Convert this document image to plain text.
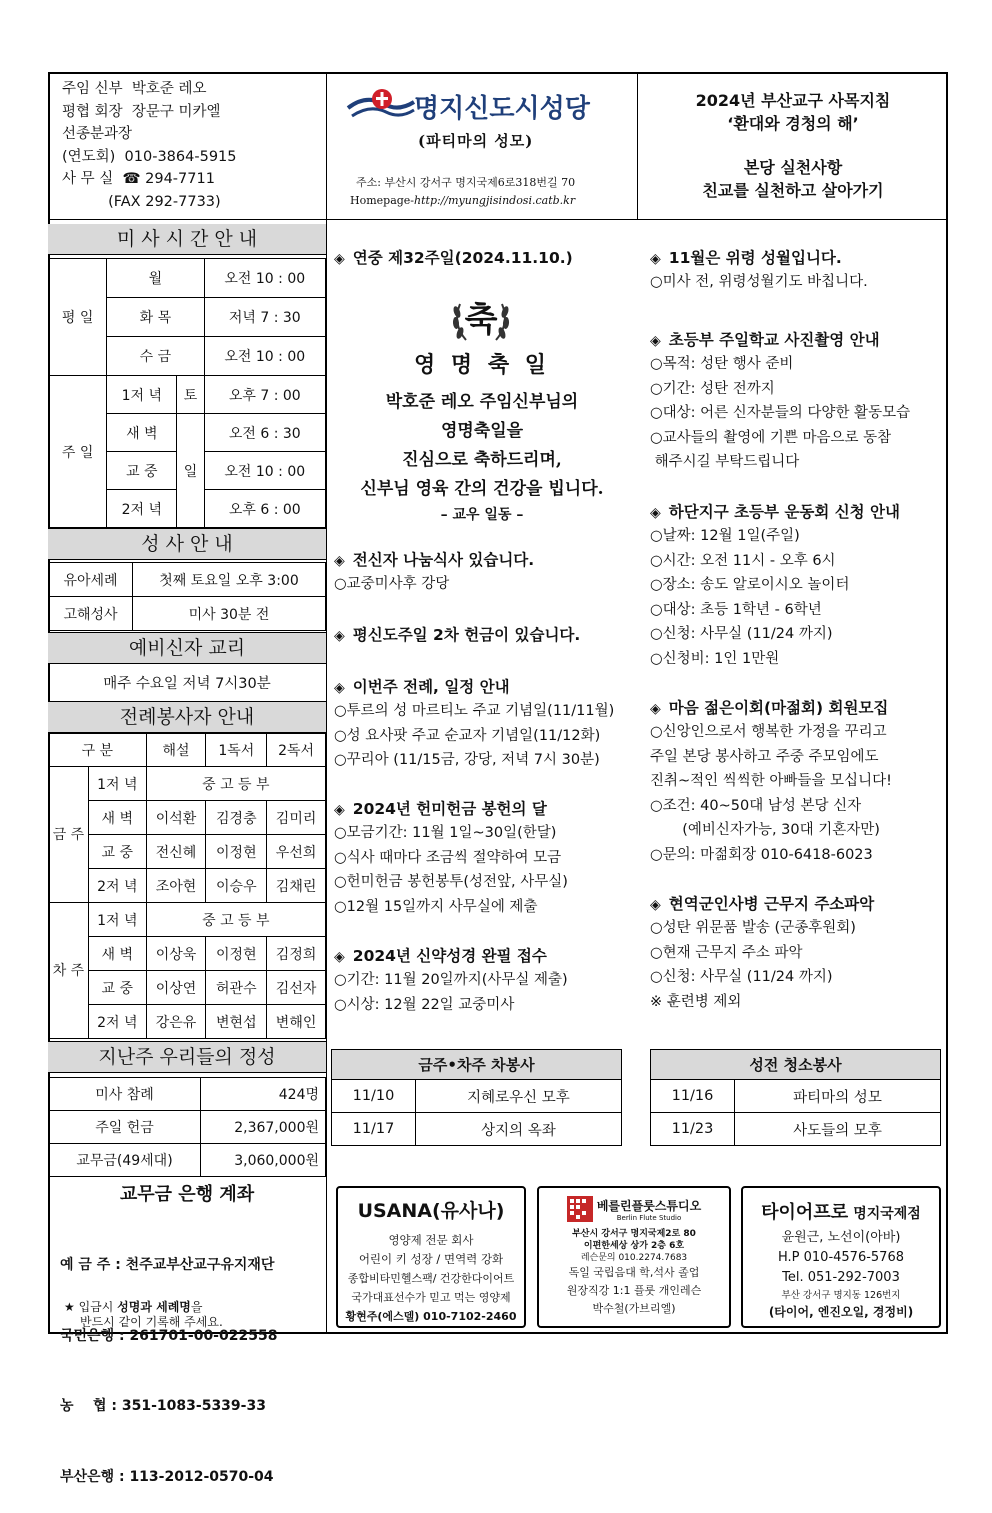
주임 신부  박호준 레오
평협 회장  장문구 미카엘
선종분과장
(연도회)  010-3864-5915
사 무 실  ☎ 294-7711
(FAX 292-7733)
명지신도시성당
(파티마의 성모)
주소: 부산시 강서구 명지국제6로318번길 70
Homepage-http://myungjisindosi.catb.kr
2024년 부산교구 사목지침
‘환대와 경청의 해’
본당 실천사항
친교를 실천하고 살아가기
미 사 시 간 안 내
평 일	월		오전 10 : 00
	화 목		저녁 7 : 30
	수 금		오전 10 : 00
주 일	1저 녁	토	오후 7 : 00
	새 벽	일	오전 6 : 30
	교 중		오전 10 : 00
	2저 녁		오후 6 : 00
성 사 안 내
유아세례	첫째 토요일 오후 3:00
고해성사	미사 30분 전
예비신자 교리
매주 수요일 저녁 7시30분
전례봉사자 안내
구 분		해설	1독서	2독서
금 주	1저 녁	중 고 등 부		
	새 벽	이석환	김경충	김미리
	교 중	전신혜	이정현	우선희
	2저 녁	조아현	이승우	김채린
차 주	1저 녁	중 고 등 부		
	새 벽	이상욱	이정현	김정희
	교 중	이상연	허관수	김선자
	2저 녁	강은유	변현섭	변해인
지난주 우리들의 정성
미사 참례	424명
주일 헌금	2,367,000원
교무금(49세대)	3,060,000원
교무금 은행 계좌

예 금 주 : 천주교부산교구유지재단

국민은행 : 261701-00-022558

농    협 : 351-1083-5339-33

부산은행 : 113-2012-0570-04

★ 입금시 성명과 세례명을
반드시 같이 기록해 주세요.
◈ 연중 제32주일(2024.11.10.)
축
영 명 축 일
박호준 레오 주임신부님의
영명축일을
진심으로 축하드리며,
신부님 영육 간의 건강을 빕니다.
– 교우 일동 –
◈ 전신자 나눔식사 있습니다.
○교중미사후 강당
◈ 평신도주일 2차 헌금이 있습니다.
◈ 이번주 전례, 일정 안내
○투르의 성 마르티노 주교 기념일(11/11월)
○성 요사팟 주교 순교자 기념일(11/12화)
○꾸리아 (11/15금, 강당, 저녁 7시 30분)
◈ 2024년 헌미헌금 봉헌의 달
○모금기간: 11월 1일~30일(한달)
○식사 때마다 조금씩 절약하여 모금
○헌미헌금 봉헌봉투(성전앞, 사무실)
○12월 15일까지 사무실에 제출
◈ 2024년 신약성경 완필 접수
○기간: 11월 20일까지(사무실 제출)
○시상: 12월 22일 교중미사
◈ 11월은 위령 성월입니다.
○미사 전, 위령성월기도 바칩니다.
◈ 초등부 주일학교 사진촬영 안내
○목적: 성탄 행사 준비
○기간: 성탄 전까지
○대상: 어른 신자분들의 다양한 활동모습
○교사들의 촬영에 기쁜 마음으로 동참
해주시길 부탁드립니다
◈ 하단지구 초등부 운동회 신청 안내
○날짜: 12월 1일(주일)
○시간: 오전 11시 - 오후 6시
○장소: 송도 알로이시오 놀이터
○대상: 초등 1학년 - 6학년
○신청: 사무실 (11/24 까지)
○신청비: 1인 1만원
◈ 마음 젊은이회(마젊회) 회원모집
○신앙인으로서 행복한 가정을 꾸리고
주일 본당 봉사하고 주중 주모임에도
진취~적인 씩씩한 아빠들을 모십니다!
○조건: 40~50대 남성 본당 신자
(예비신자가능, 30대 기혼자만)
○문의: 마젊회장 010-6418-6023
◈ 현역군인사병 근무지 주소파악
○성탄 위문품 발송 (군종후원회)
○현재 근무지 주소 파악
○신청: 사무실 (11/24 까지)
※ 훈련병 제외
금주•차주 차봉사	
11/10	지혜로우신 모후
11/17	상지의 옥좌
성전 청소봉사	
11/16	파티마의 성모
11/23	사도들의 모후
USANA(유사나)
영양제 전문 회사
어린이 키 성장 / 면역력 강화
종합비타민헬스팩/ 건강한다이어트
국가대표선수가 믿고 먹는 영양제
황현주(에스델) 010-7102-2460
베를린플룻스튜디오
Berlin Flute Studio
부산시 강서구 명지국제2로 80
이편한세상 상가 2층 6호
레슨문의 010.2274.7683
독일 국립음대 학,석사 졸업
원장직강 1:1 플룻 개인레슨
박수철(가브리엘)
타이어프로 명지국제점
윤원근, 노선이(아바)
H.P 010-4576-5768
Tel. 051-292-7003
부산 강서구 명지동 126번지
(타이어, 엔진오일, 경정비)
